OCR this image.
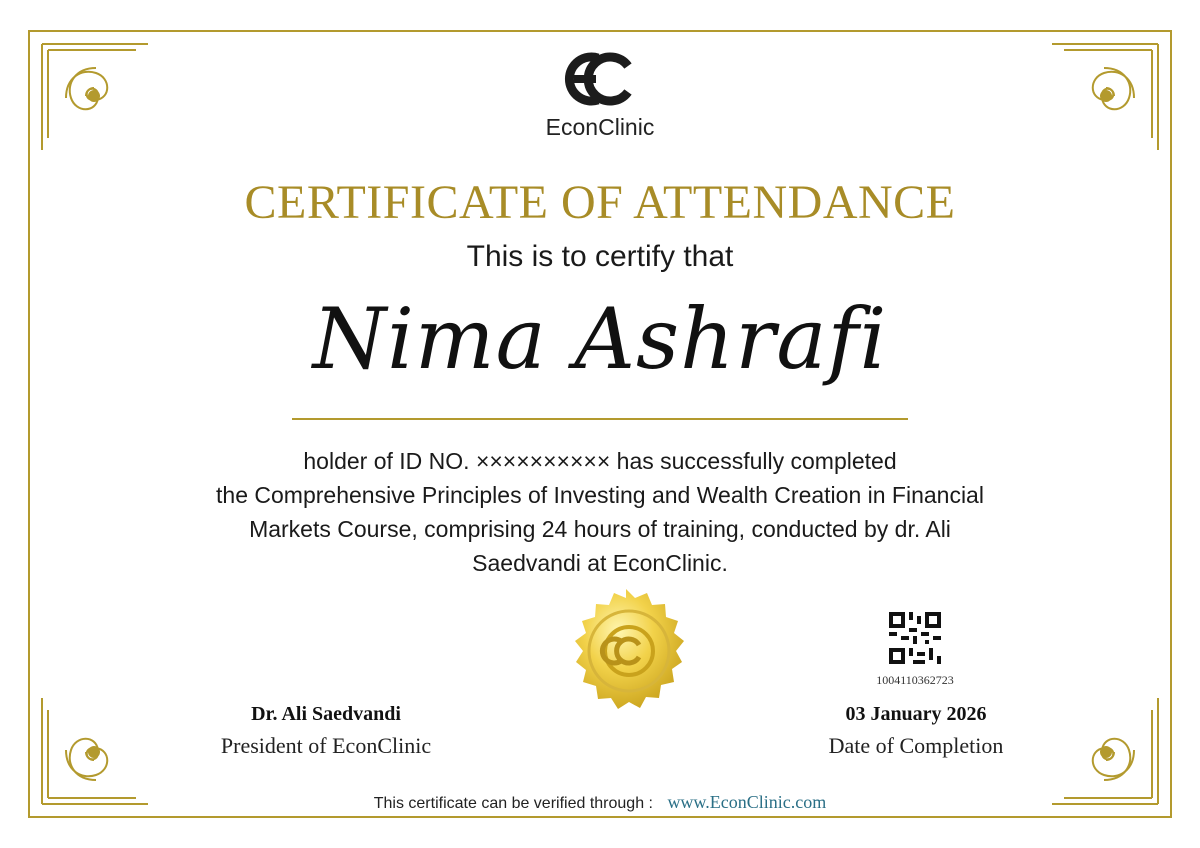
EconClinic
CERTIFICATE OF ATTENDANCE
This is to certify that
Nima Ashrafi
holder of ID NO. ×××××××××× has successfully completed
the Comprehensive Principles of Investing and Wealth Creation in Financial
Markets Course, comprising 24 hours of training, conducted by dr. Ali
Saedvandi at EconClinic.
1004110362723
Dr. Ali Saedvandi
President of EconClinic
03 January 2026
Date of Completion
This certificate can be verified through : www.EconClinic.com
